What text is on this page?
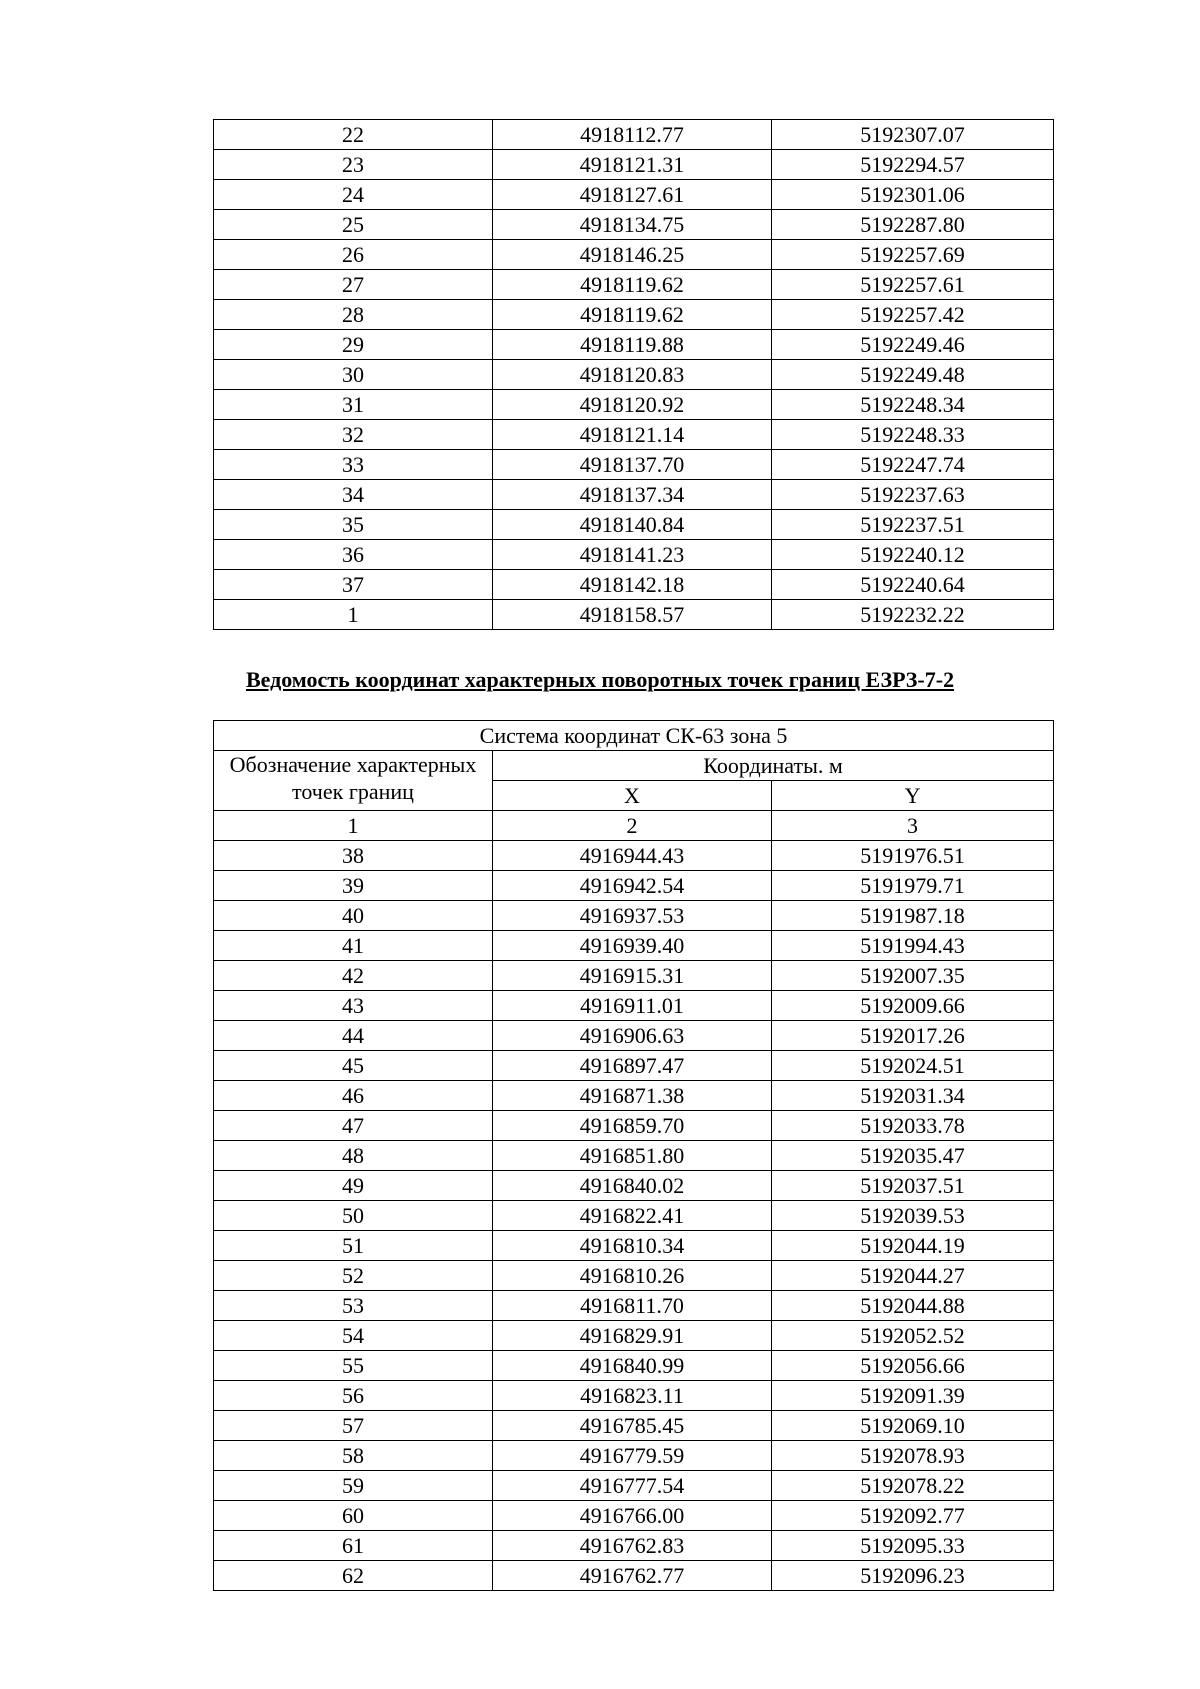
22	4918112.77	5192307.07
23	4918121.31	5192294.57
24	4918127.61	5192301.06
25	4918134.75	5192287.80
26	4918146.25	5192257.69
27	4918119.62	5192257.61
28	4918119.62	5192257.42
29	4918119.88	5192249.46
30	4918120.83	5192249.48
31	4918120.92	5192248.34
32	4918121.14	5192248.33
33	4918137.70	5192247.74
34	4918137.34	5192237.63
35	4918140.84	5192237.51
36	4918141.23	5192240.12
37	4918142.18	5192240.64
1	4918158.57	5192232.22
Ведомость координат характерных поворотных точек границ ЕЗРЗ-7-2
Система координат СК-63 зона 5		

Обозначение характерных
точек границ	Координаты. м	
	X	Y
1	2	3
38	4916944.43	5191976.51
39	4916942.54	5191979.71
40	4916937.53	5191987.18
41	4916939.40	5191994.43
42	4916915.31	5192007.35
43	4916911.01	5192009.66
44	4916906.63	5192017.26
45	4916897.47	5192024.51
46	4916871.38	5192031.34
47	4916859.70	5192033.78
48	4916851.80	5192035.47
49	4916840.02	5192037.51
50	4916822.41	5192039.53
51	4916810.34	5192044.19
52	4916810.26	5192044.27
53	4916811.70	5192044.88
54	4916829.91	5192052.52
55	4916840.99	5192056.66
56	4916823.11	5192091.39
57	4916785.45	5192069.10
58	4916779.59	5192078.93
59	4916777.54	5192078.22
60	4916766.00	5192092.77
61	4916762.83	5192095.33
62	4916762.77	5192096.23
